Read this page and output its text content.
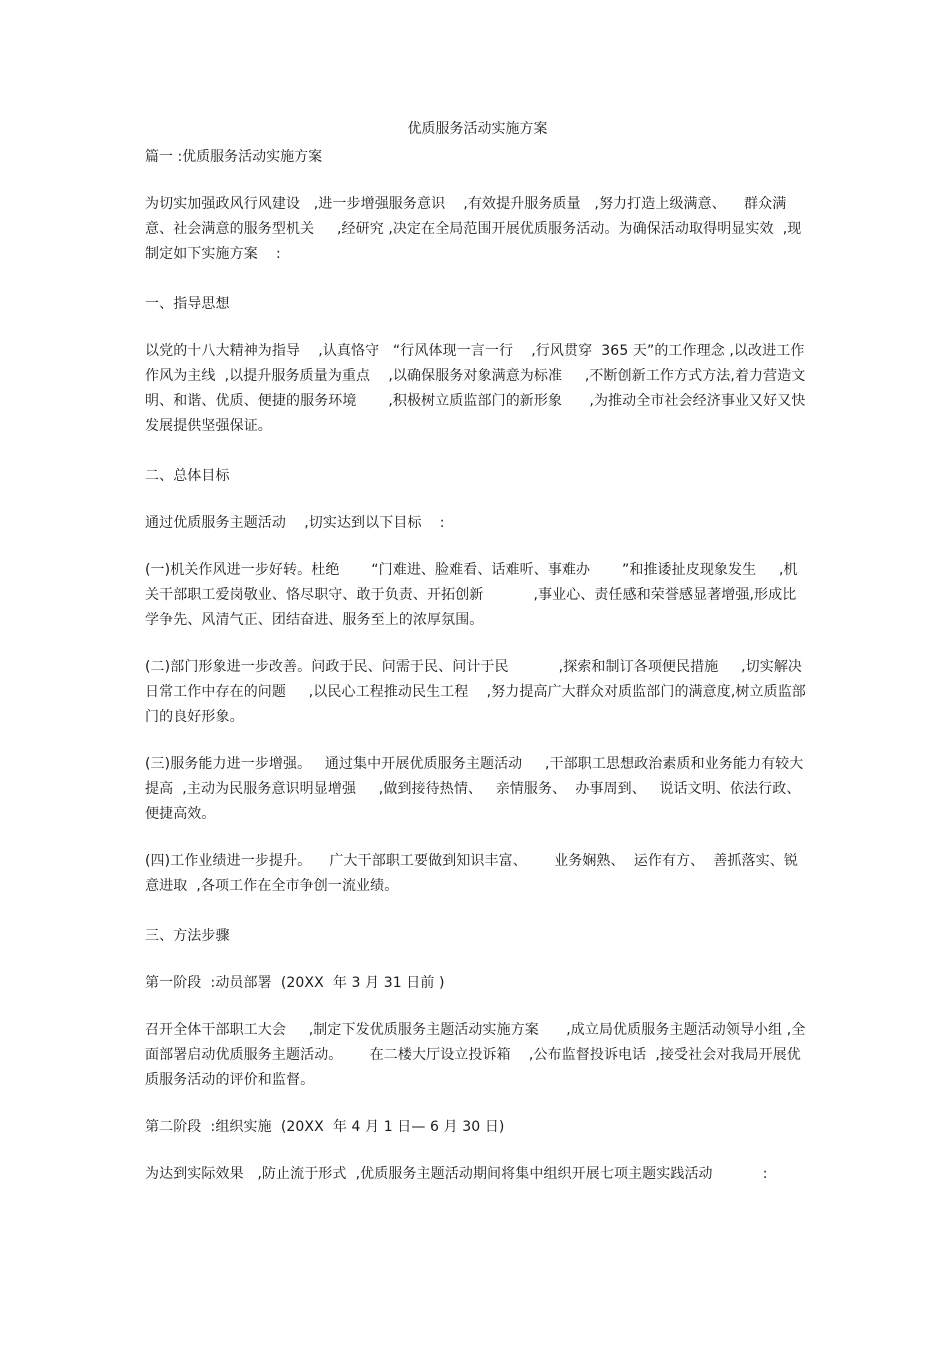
优质服务活动实施方案

篇一 :优质服务活动实施方案

为切实加强政风行风建设   ,进一步增强服务意识    ,有效提升服务质量   ,努力打造上级满意、    群众满意、社会满意的服务型机关     ,经研究 ,决定在全局范围开展优质服务活动。为确保活动取得明显实效  ,现制定如下实施方案    :

一、指导思想

以党的十八大精神为指导    ,认真恪守   “行风体现一言一行    ,行风贯穿  365 天”的工作理念 ,以改进工作作风为主线  ,以提升服务质量为重点    ,以确保服务对象满意为标准     ,不断创新工作方式方法,着力营造文明、和谐、优质、便捷的服务环境       ,积极树立质监部门的新形象      ,为推动全市社会经济事业又好又快发展提供坚强保证。

二、总体目标

通过优质服务主题活动    ,切实达到以下目标    :

(一)机关作风进一步好转。杜绝       “门难进、脸难看、话难听、事难办       ”和推诿扯皮现象发生     ,机关干部职工爱岗敬业、恪尽职守、敢于负责、开拓创新           ,事业心、责任感和荣誉感显著增强,形成比学争先、风清气正、团结奋进、服务至上的浓厚氛围。

(二)部门形象进一步改善。问政于民、问需于民、问计于民           ,探索和制订各项便民措施     ,切实解决日常工作中存在的问题     ,以民心工程推动民生工程    ,努力提高广大群众对质监部门的满意度,树立质监部门的良好形象。

(三)服务能力进一步增强。   通过集中开展优质服务主题活动     ,干部职工思想政治素质和业务能力有较大提高  ,主动为民服务意识明显增强     ,做到接待热情、   亲情服务、  办事周到、   说话文明、依法行政、便捷高效。

(四)工作业绩进一步提升。    广大干部职工要做到知识丰富、      业务娴熟、  运作有方、  善抓落实、锐意进取  ,各项工作在全市争创一流业绩。

三、方法步骤

第一阶段  :动员部署  (20XX  年 3 月 31 日前 )

召开全体干部职工大会     ,制定下发优质服务主题活动实施方案      ,成立局优质服务主题活动领导小组 ,全面部署启动优质服务主题活动。      在二楼大厅设立投诉箱    ,公布监督投诉电话  ,接受社会对我局开展优质服务活动的评价和监督。

第二阶段  :组织实施  (20XX  年 4 月 1 日— 6 月 30 日)

为达到实际效果   ,防止流于形式  ,优质服务主题活动期间将集中组织开展七项主题实践活动           :
